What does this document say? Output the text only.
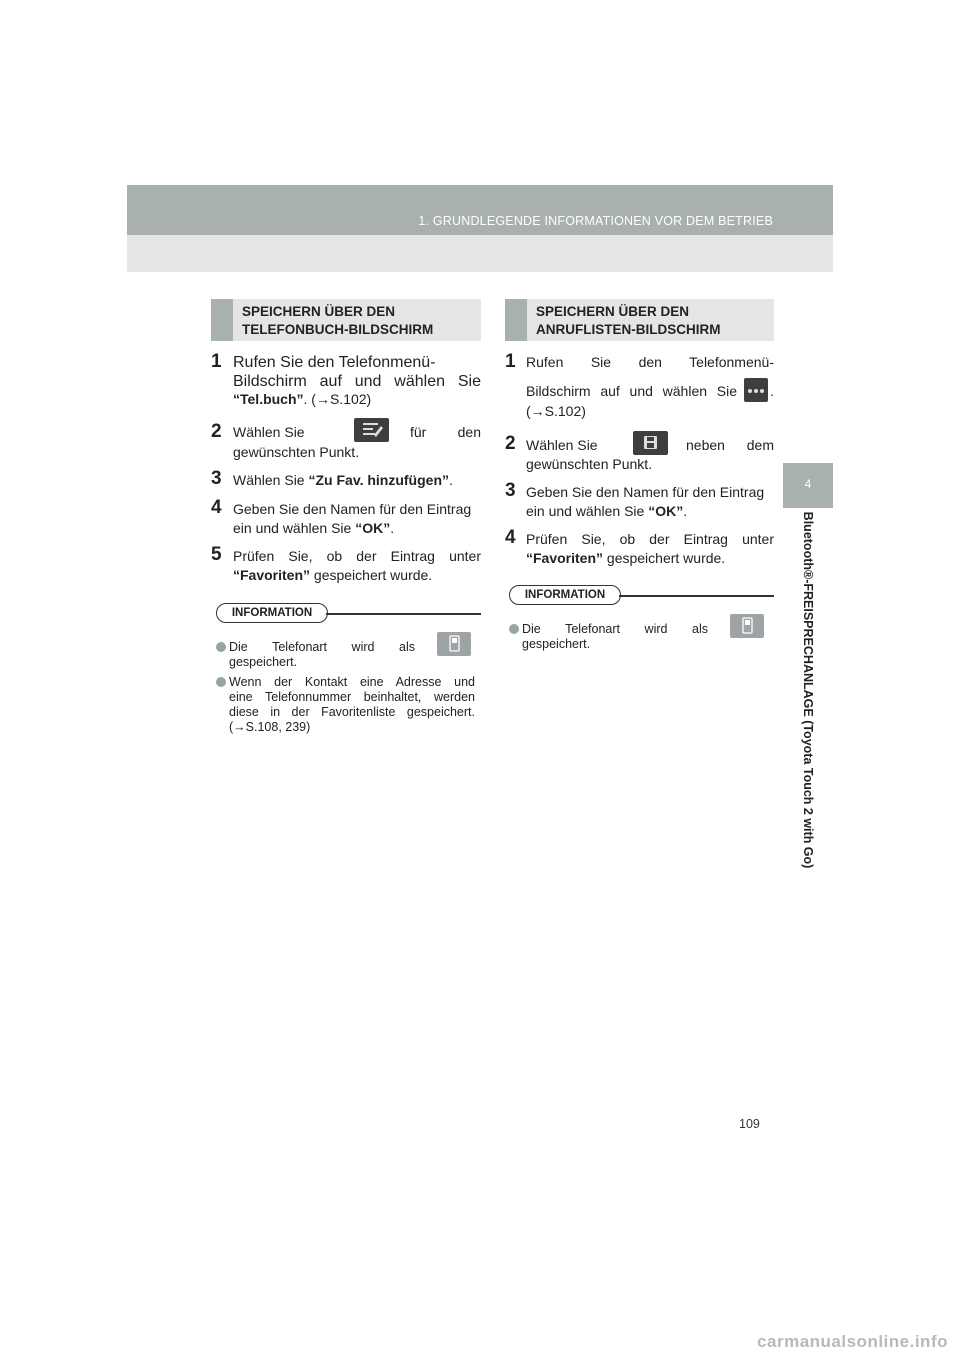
1. GRUNDLEGENDE INFORMATIONEN VOR DEM BETRIEB
4
Bluetooth®-FREISPRECHANLAGE (Toyota Touch 2 with Go)
SPEICHERN ÜBER DEN
TELEFONBUCH-BILDSCHIRM
1 Rufen Sie den Telefonmenü-
Bildschirm auf und wählen Sie
“Tel.buch”. (→S.102)
2 Wählen Sie	für den
gewünschten Punkt.
3 Wählen Sie “Zu Fav. hinzufügen”.
4 Geben Sie den Namen für den Eintrag
ein und wählen Sie “OK”.
5 Prüfen Sie, ob der Eintrag unter
“Favoriten” gespeichert wurde.
INFORMATION
Die Telefonart wird als
gespeichert.
Wenn der Kontakt eine Adresse und
eine Telefonnummer beinhaltet, werden
diese in der Favoritenliste gespeichert.
(→S.108, 239)
SPEICHERN ÜBER DEN
ANRUFLISTEN-BILDSCHIRM
1 Rufen Sie den Telefonmenü-
Bildschirm auf und wählen Sie .
(→S.102)
2 Wählen Sie	neben dem
gewünschten Punkt.
3 Geben Sie den Namen für den Eintrag
ein und wählen Sie “OK”.
4 Prüfen Sie, ob der Eintrag unter
“Favoriten” gespeichert wurde.
INFORMATION
Die Telefonart wird als
gespeichert.
109
carmanualsonline.info
